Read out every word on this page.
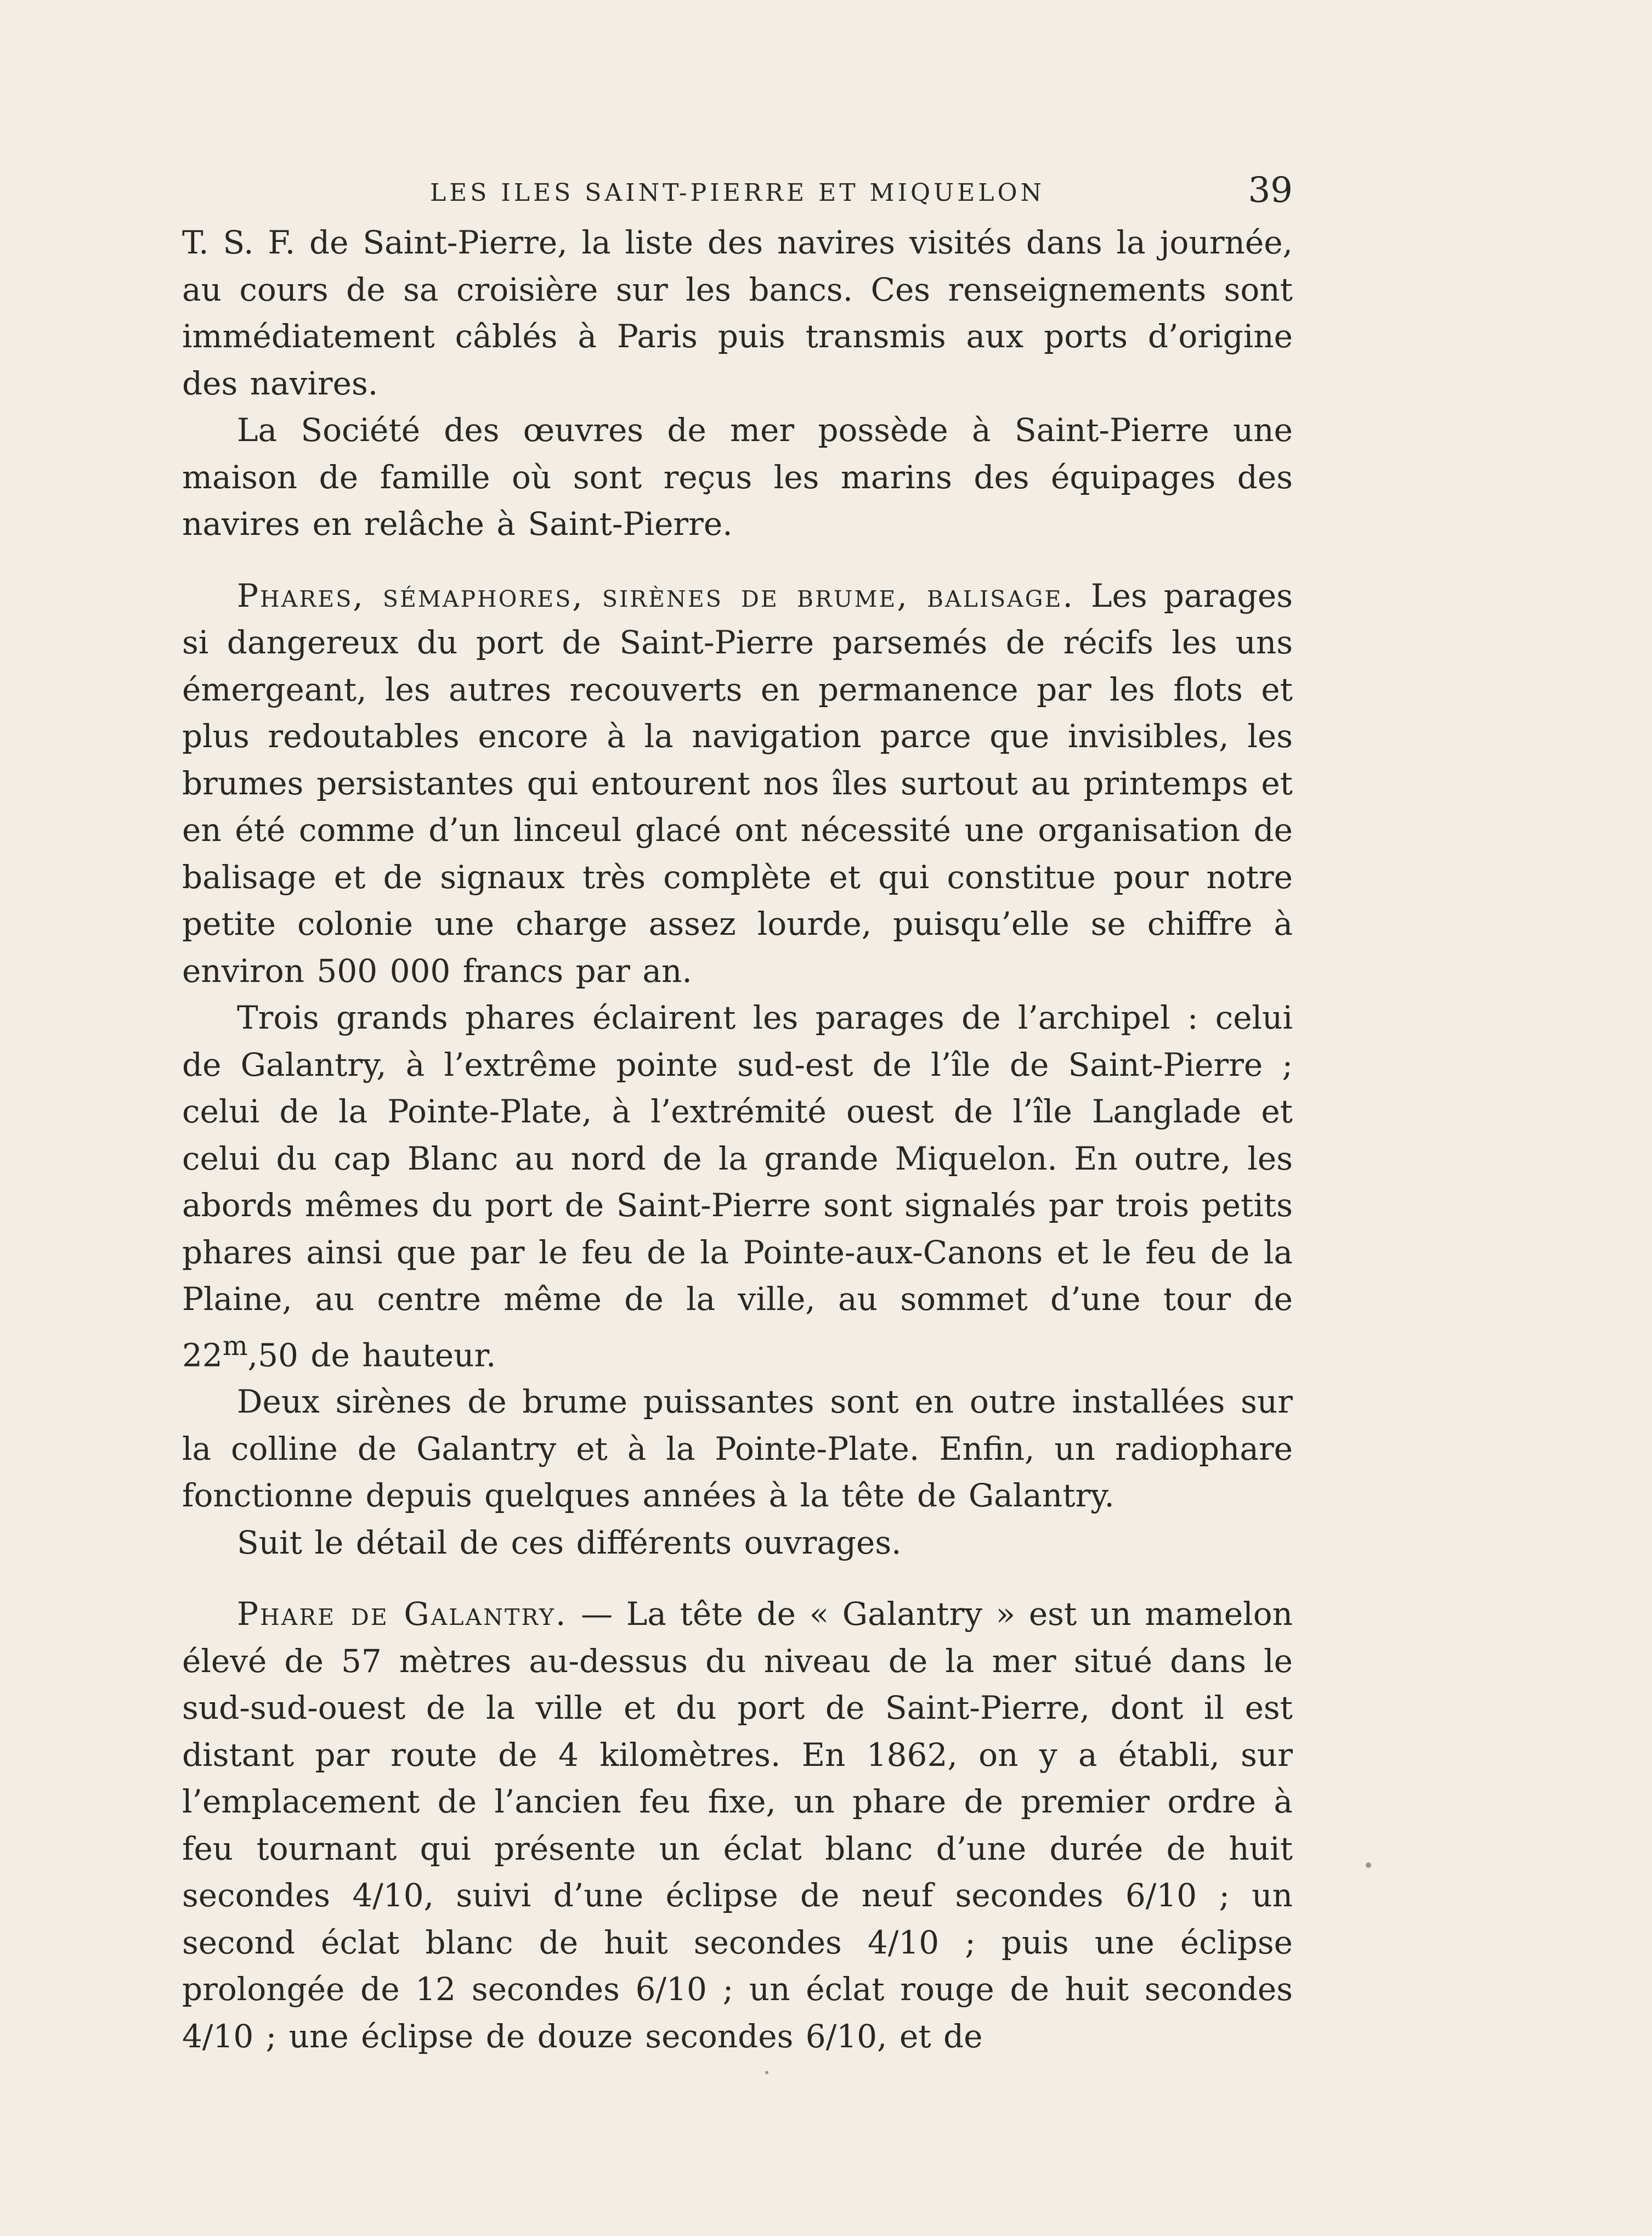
LES ILES SAINT-PIERRE ET MIQUELON	39

T. S. F. de Saint-Pierre, la liste des navires visités dans la journée, au cours de sa croisière sur les bancs. Ces renseignements sont immédiatement câblés à Paris puis transmis aux ports d’origine des navires.

La Société des œuvres de mer possède à Saint-Pierre une maison de famille où sont reçus les marins des équipages des navires en relâche à Saint-Pierre.

Phares, sémaphores, sirènes de brume, balisage. Les parages si dangereux du port de Saint-Pierre parsemés de récifs les uns émergeant, les autres recouverts en permanence par les flots et plus redoutables encore à la navigation parce que invisibles, les brumes persistantes qui entourent nos îles surtout au printemps et en été comme d’un linceul glacé ont nécessité une organisation de balisage et de signaux très complète et qui constitue pour notre petite colonie une charge assez lourde, puisqu’elle se chiffre à environ 500 000 francs par an.

Trois grands phares éclairent les parages de l’archipel : celui de Galantry, à l’extrême pointe sud-est de l’île de Saint-Pierre ; celui de la Pointe-Plate, à l’extrémité ouest de l’île Langlade et celui du cap Blanc au nord de la grande Miquelon. En outre, les abords mêmes du port de Saint-Pierre sont signalés par trois petits phares ainsi que par le feu de la Pointe-aux-Canons et le feu de la Plaine, au centre même de la ville, au sommet d’une tour de 22$^m$,50 de hauteur.

Deux sirènes de brume puissantes sont en outre installées sur la colline de Galantry et à la Pointe-Plate. Enfin, un radiophare fonctionne depuis quelques années à la tête de Galantry.

Suit le détail de ces différents ouvrages.

Phare de Galantry. — La tête de « Galantry » est un mamelon élevé de 57 mètres au-dessus du niveau de la mer situé dans le sud-sud-ouest de la ville et du port de Saint-Pierre, dont il est distant par route de 4 kilomètres. En 1862, on y a établi, sur l’emplacement de l’ancien feu fixe, un phare de premier ordre à feu tournant qui présente un éclat blanc d’une durée de huit secondes 4/10, suivi d’une éclipse de neuf secondes 6/10 ; un second éclat blanc de huit secondes 4/10 ; puis une éclipse prolongée de 12 secondes 6/10 ; un éclat rouge de huit secondes 4/10 ; une éclipse de douze secondes 6/10, et de
